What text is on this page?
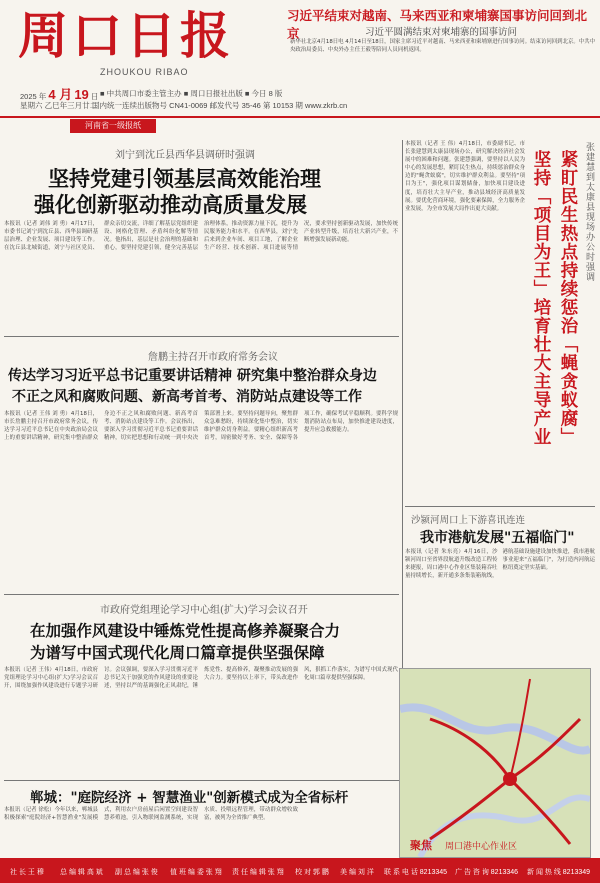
周口日报
ZHOUKOU RIBAO
2025 年 4 月 19 日 ■ 中共周口市委主管主办 ■ 周口日报社出版 ■ 今日 8 版
星期六 乙巳年三月廿二
国内统一连续出版物号 CN41-0069 邮发代号 35-46 第 10153 期 www.zkrb.cn
河南省一级报纸
习近平结束对越南、马来西亚和柬埔寨国事访问回到北京	习近平圆满结束对柬埔寨的国事访问
新华社北京4月18日电 4月14日至18日，国家主席习近平对越南、马来西亚和柬埔寨进行国事访问。结束访问回到北京。中共中央政治局委员、中央外办主任王毅等陪同人员同机返回。
刘宁到沈丘县西华县调研时强调
坚持党建引领基层高效能治理
强化创新驱动推动高质量发展
本报讯（记者 刘伟 刘 勇）4月17日，市委书记刘宁到沈丘县、西华县调研基层治理、企业发展、项目建设等工作。在沈丘县北城街道，刘宁与社区党员、群众亲切交流，详细了解基层党组织建设、网格化管理、矛盾纠纷化解等情况。他指出，基层是社会治理的基础和重心，要坚持党建引领，健全完善基层治理体系，推动资源力量下沉，提升为民服务能力和水平。在西华县，刘宁先后来到企业车间、项目工地，了解企业生产经营、技术创新、项目进展等情况，要求坚持创新驱动发展，加快传统产业转型升级，培育壮大新兴产业，不断增强发展新动能。
詹鹏主持召开市政府常务会议
传达学习习近平总书记重要讲话精神 研究集中整治群众身边
不正之风和腐败问题、新高考首考、消防站点建设等工作
本报讯（记者 王伟 刘 勇）4月18日，市长詹鹏主持召开市政府常务会议，传达学习习近平总书记在中央政治局会议上的重要讲话精神，研究集中整治群众身边不正之风和腐败问题、新高考首考、消防站点建设等工作。会议指出，要深入学习贯彻习近平总书记重要讲话精神，切实把思想和行动统一到中央决策部署上来。要坚持问题导向，聚焦群众急难愁盼，持续深化集中整治，切实维护群众切身利益。要精心组织新高考首考，周密做好考务、安全、保障等各项工作，确保考试平稳顺利。要科学规划消防站点布局，加快推进建设进度，提升应急救援能力。
市政府党组理论学习中心组(扩大)学习会议召开
在加强作风建设中锤炼党性提高修养凝聚合力
为谱写中国式现代化周口篇章提供坚强保障
本报讯（记者 王伟）4月18日，市政府党组理论学习中心组(扩大)学习会议召开，围绕加强作风建设进行专题学习研讨。会议强调，要深入学习贯彻习近平总书记关于加强党的作风建设的重要论述，坚持以严的基调强化正风肃纪，锤炼党性、提高修养，凝聚推动发展的强大合力。要坚持以上率下，带头改进作风，狠抓工作落实，为谱写中国式现代化周口篇章提供坚强保障。
郸城："庭院经济 + 智慧渔业"创新模式成为全省标杆
本报讯（记者 徐松）今年以来，郸城县积极探索"庭院经济+智慧渔业"发展模式，利用农户房前屋后闲置空间建设智慧养殖池，引入物联网监测系统，实现水质、投喂远程管理，带动群众增收致富，被列为全省推广典型。
本报讯（记者 王 伟）4月18日，市委副书记、市长张建慧到太康县现场办公，研究解决经济社会发展中的困难和问题。张建慧强调，要坚持以人民为中心的发展思想，紧盯民生热点，持续惩治群众身边的"蝇贪蚁腐"，切实维护群众利益。要坚持"项目为王"，强化项目谋划储备，加快项目建设进度，培育壮大主导产业，推动县域经济高质量发展。要优化营商环境，强化要素保障，全力服务企业发展，为全市发展大局作出更大贡献。	张建慧到太康县现场办公时强调
紧盯民生热点持续惩治「蝇贪蚁腐」
坚持「项目为王」培育壮大主导产业
沙颍河周口上下游喜讯连连
我市港航发展"五福临门"
本报讯（记者 朱东亮）4月16日，沙颍河周口至省界段航道升级改造工程传来捷报，周口港中心作业区集装箱吞吐量持续增长，新开通多条集装箱航线，港航基础设施建设加快推进，我市港航事业迎来"五福临门"，为打造内河航运枢纽奠定坚实基础。
聚焦 周口港中心作业区
社 长 王 穆 总 编 辑 高 斌 副 总 编 张 俊 值 班 编 委 张 翔 责 任 编 辑 张 翔 校 对 郭 鹏 美 编 刘 洋 联 系 电 话 8213345 广 告 咨 询 8213346 新 闻 热 线 8213349
